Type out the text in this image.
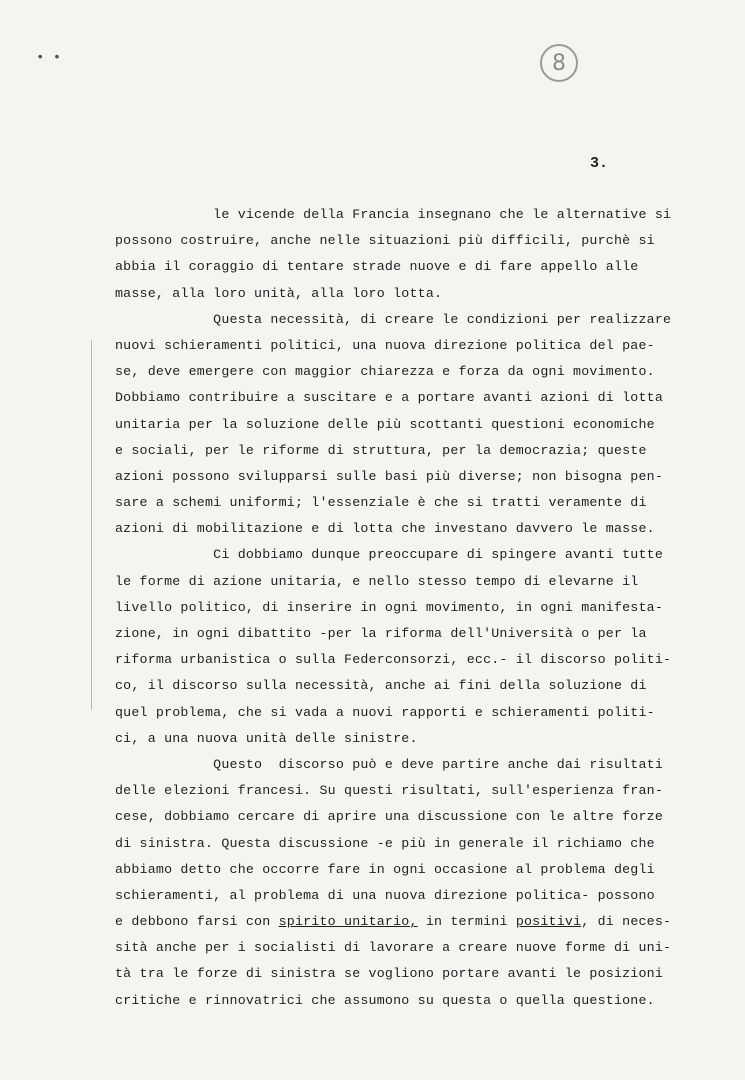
• •	8
3.
le vicende della Francia insegnano che le alternative si
possono costruire, anche nelle situazioni più difficili, purchè si
abbia il coraggio di tentare strade nuove e di fare appello alle
masse, alla loro unità, alla loro lotta.
Questa necessità, di creare le condizioni per realizzare
nuovi schieramenti politici, una nuova direzione politica del pae-
se, deve emergere con maggior chiarezza e forza da ogni movimento.
Dobbiamo contribuire a suscitare e a portare avanti azioni di lotta
unitaria per la soluzione delle più scottanti questioni economiche
e sociali, per le riforme di struttura, per la democrazia; queste
azioni possono svilupparsi sulle basi più diverse; non bisogna pen-
sare a schemi uniformi; l'essenziale è che si tratti veramente di
azioni di mobilitazione e di lotta che investano davvero le masse.
Ci dobbiamo dunque preoccupare di spingere avanti tutte
le forme di azione unitaria, e nello stesso tempo di elevarne il
livello politico, di inserire in ogni movimento, in ogni manifesta-
zione, in ogni dibattito -per la riforma dell'Università o per la
riforma urbanistica o sulla Federconsorzi, ecc.- il discorso politi-
co, il discorso sulla necessità, anche ai fini della soluzione di
quel problema, che si vada a nuovi rapporti e schieramenti politi-
ci, a una nuova unità delle sinistre.
Questo  discorso può e deve partire anche dai risultati
delle elezioni francesi. Su questi risultati, sull'esperienza fran-
cese, dobbiamo cercare di aprire una discussione con le altre forze
di sinistra. Questa discussione -e più in generale il richiamo che
abbiamo detto che occorre fare in ogni occasione al problema degli
schieramenti, al problema di una nuova direzione politica- possono
e debbono farsi con spirito unitario, in termini positivi, di neces-
sità anche per i socialisti di lavorare a creare nuove forme di uni-
tà tra le forze di sinistra se vogliono portare avanti le posizioni
critiche e rinnovatrici che assumono su questa o quella questione.
